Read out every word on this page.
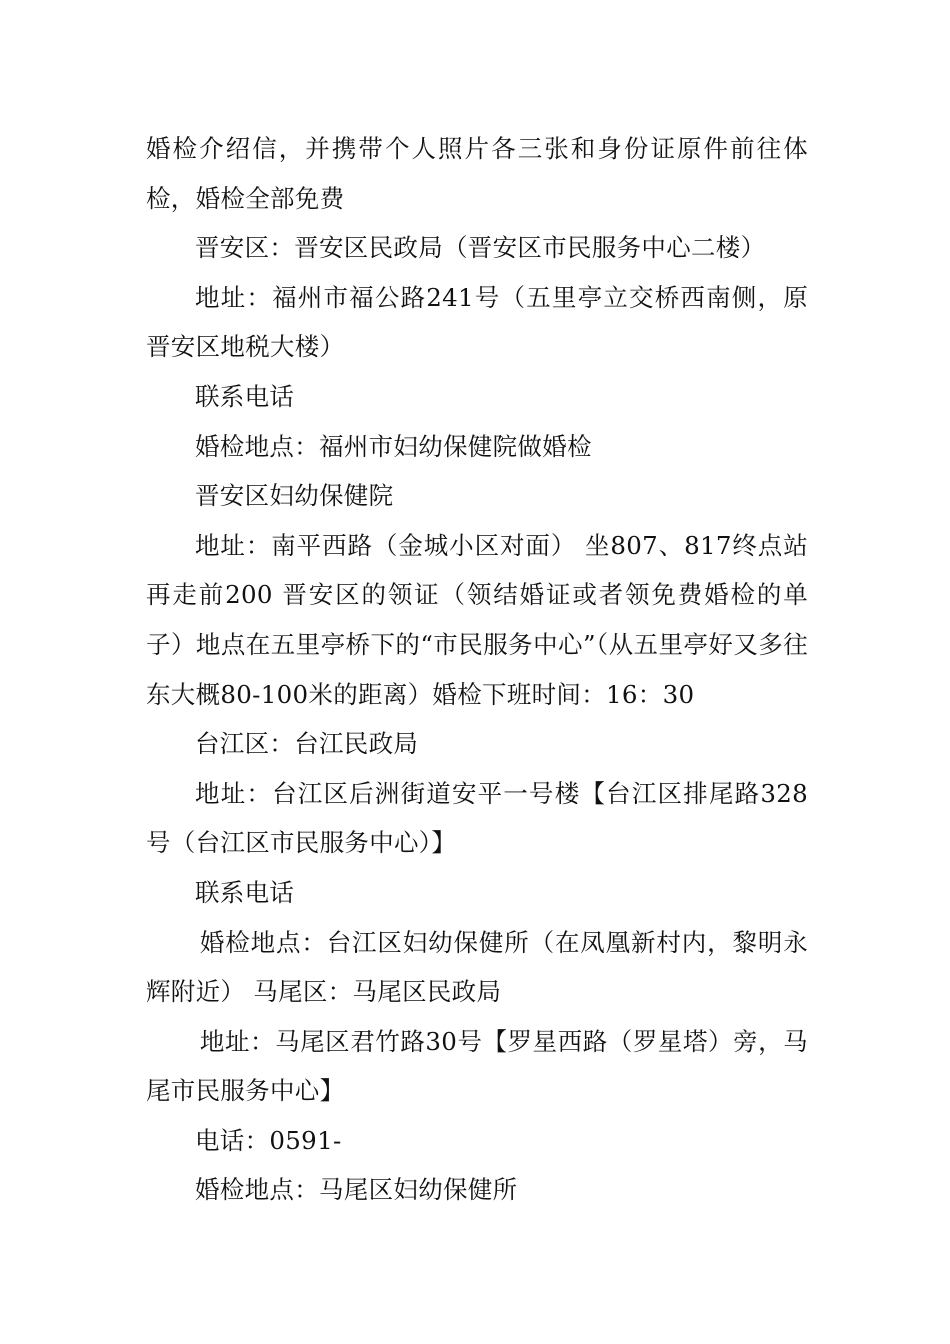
婚检介绍信，并携带个人照片各三张和身份证原件前往体检，婚检全部免费

晋安区：晋安区民政局（晋安区市民服务中心二楼）

地址：福州市福公路241号（五里亭立交桥西南侧，原晋安区地税大楼）

联系电话

婚检地点：福州市妇幼保健院做婚检

晋安区妇幼保健院

地址：南平西路（金城小区对面） 坐807、817终点站再走前200 晋安区的领证（领结婚证或者领免费婚检的单子）地点在五里亭桥下的“市民服务中心”（从五里亭好又多往东大概80-100米的距离）婚检下班时间：16：30

台江区：台江民政局

地址：台江区后洲街道安平一号楼【台江区排尾路328号（台江区市民服务中心）】

联系电话

婚检地点：台江区妇幼保健所（在凤凰新村内，黎明永辉附近） 马尾区：马尾区民政局

地址：马尾区君竹路30号【罗星西路（罗星塔）旁，马尾市民服务中心】

电话：0591-

婚检地点：马尾区妇幼保健所
